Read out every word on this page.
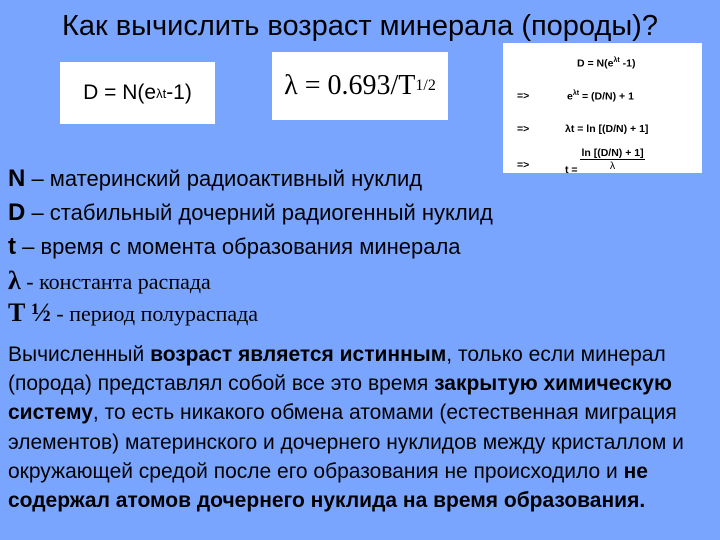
Как вычислить возраст минерала (породы)?
D = N(e λt -1)	λ = 0.693/T 1/2
$D = N(e^{\lambda t}$ -1)
=>	$e^{\lambda t} = (D/N) + 1$
=>	λt = ln [(D/N) + 1]
=>	$t = \frac{\ln [(D/N) + 1]}{\lambda}$
N – материнский радиоактивный нуклид
D – стабильный дочерний радиогенный нуклид
t – время с момента образования минерала
λ - константа распада
T ½ - период полураспада
Вычисленный возраст является истинным, только если минерал (порода) представлял собой все это время закрытую химическую систему, то есть никакого обмена атомами (естественная миграция элементов) материнского и дочернего нуклидов между кристаллом и окружающей средой после его образования не происходило и не содержал атомов дочернего нуклида на время образования.
